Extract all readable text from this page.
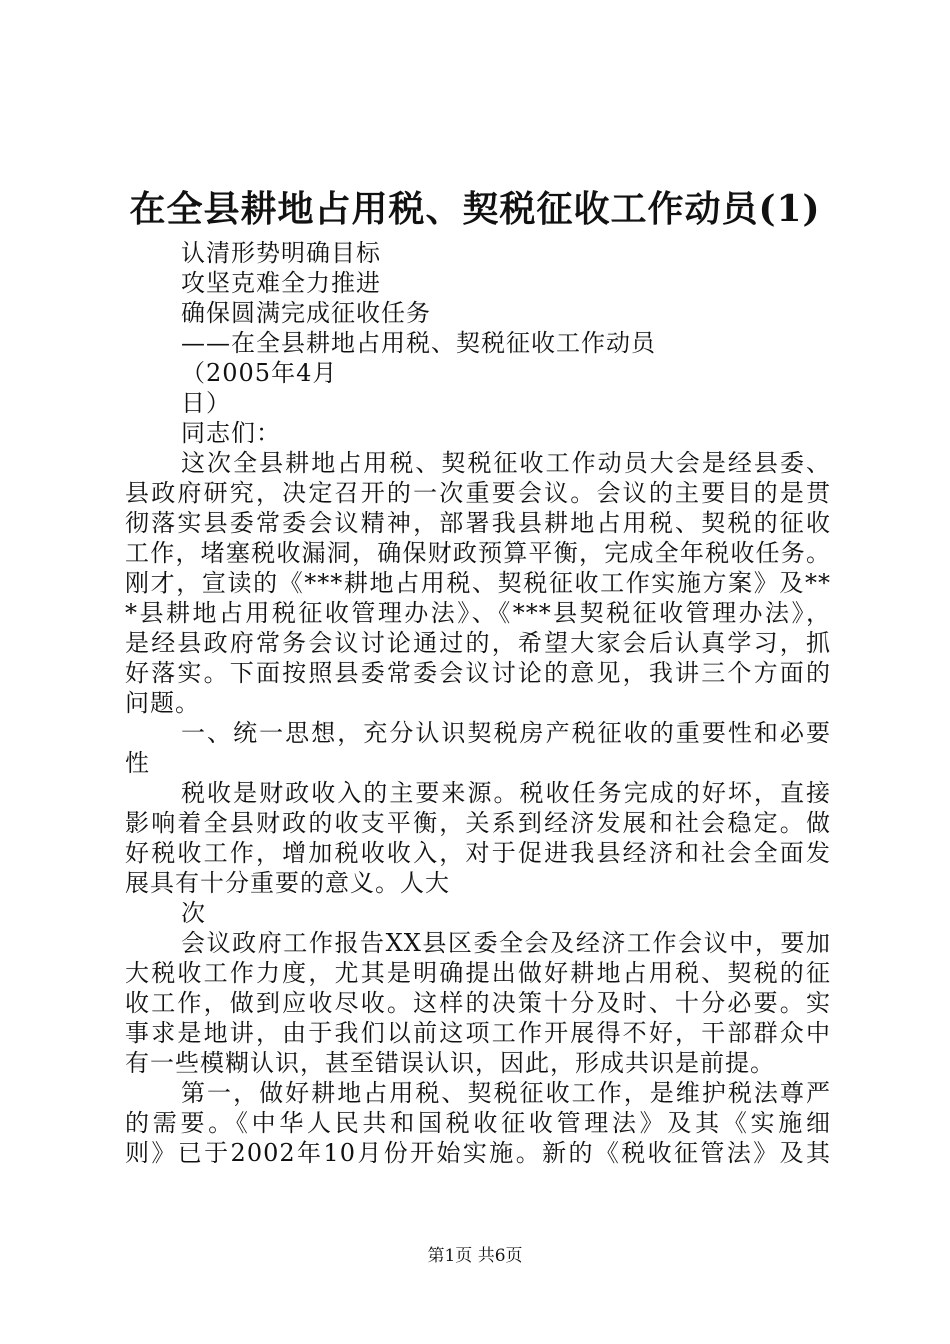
在全县耕地占用税、契税征收工作动员(1)
认清形势明确目标
攻坚克难全力推进
确保圆满完成征收任务
——在全县耕地占用税、契税征收工作动员
（2005年4月
日）
同志们：
这次全县耕地占用税、契税征收工作动员大会是经县委、
县政府研究，决定召开的一次重要会议。会议的主要目的是贯
彻落实县委常委会议精神，部署我县耕地占用税、契税的征收
工作，堵塞税收漏洞，确保财政预算平衡，完成全年税收任务。
刚才，宣读的《***耕地占用税、契税征收工作实施方案》及**
*县耕地占用税征收管理办法》、《***县契税征收管理办法》，
是经县政府常务会议讨论通过的，希望大家会后认真学习，抓
好落实。下面按照县委常委会议讨论的意见，我讲三个方面的
问题。
一、统一思想，充分认识契税房产税征收的重要性和必要
性
税收是财政收入的主要来源。税收任务完成的好坏，直接
影响着全县财政的收支平衡，关系到经济发展和社会稳定。做
好税收工作，增加税收收入，对于促进我县经济和社会全面发
展具有十分重要的意义。人大
次
会议政府工作报告XX县区委全会及经济工作会议中，要加
大税收工作力度，尤其是明确提出做好耕地占用税、契税的征
收工作，做到应收尽收。这样的决策十分及时、十分必要。实
事求是地讲，由于我们以前这项工作开展得不好，干部群众中
有一些模糊认识，甚至错误认识，因此，形成共识是前提。
第一，做好耕地占用税、契税征收工作，是维护税法尊严
的需要。《中华人民共和国税收征收管理法》及其《实施细
则》已于2002年10月份开始实施。新的《税收征管法》及其
第1页 共6页
